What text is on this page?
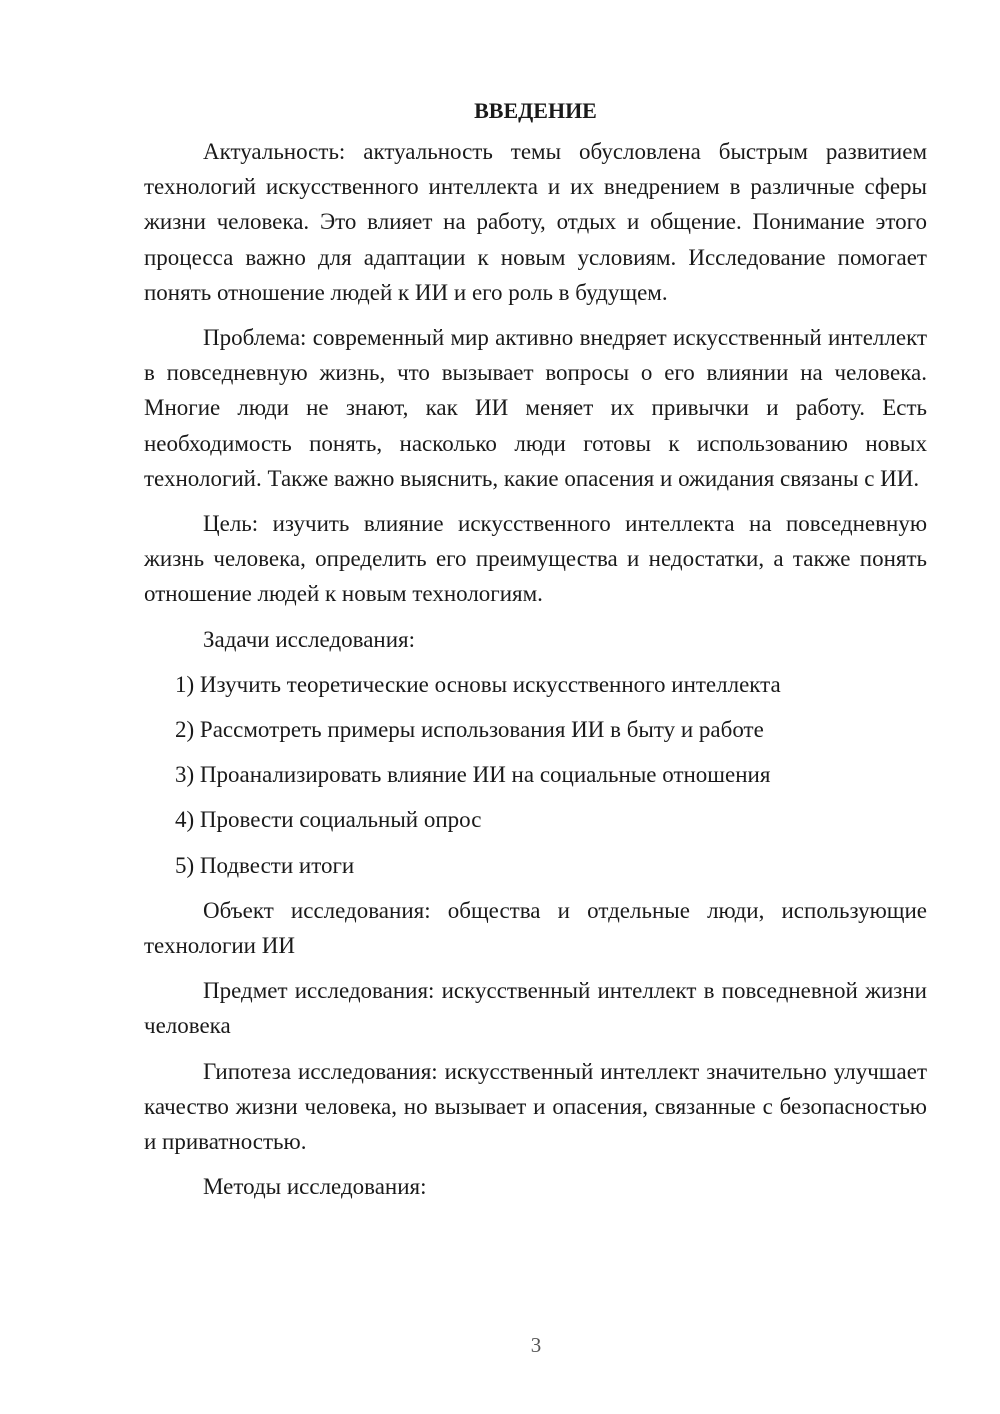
ВВЕДЕНИЕ

Актуальность: актуальность темы обусловлена быстрым развитием технологий искусственного интеллекта и их внедрением в различные сферы жизни человека. Это влияет на работу, отдых и общение. Понимание этого процесса важно для адаптации к новым условиям. Исследование помогает понять отношение людей к ИИ и его роль в будущем.

Проблема: современный мир активно внедряет искусственный интеллект в повседневную жизнь, что вызывает вопросы о его влиянии на человека. Многие люди не знают, как ИИ меняет их привычки и работу. Есть необходимость понять, насколько люди готовы к использованию новых технологий. Также важно выяснить, какие опасения и ожидания связаны с ИИ.

Цель: изучить влияние искусственного интеллекта на повседневную жизнь человека, определить его преимущества и недостатки, а также понять отношение людей к новым технологиям.

Задачи исследования:

1) Изучить теоретические основы искусственного интеллекта
2) Рассмотреть примеры использования ИИ в быту и работе
3) Проанализировать влияние ИИ на социальные отношения
4) Провести социальный опрос
5) Подвести итоги

Объект исследования: общества и отдельные люди, использующие технологии ИИ

Предмет исследования: искусственный интеллект в повседневной жизни человека

Гипотеза исследования: искусственный интеллект значительно улучшает качество жизни человека, но вызывает и опасения, связанные с безопасностью и приватностью.

Методы исследования:

3
